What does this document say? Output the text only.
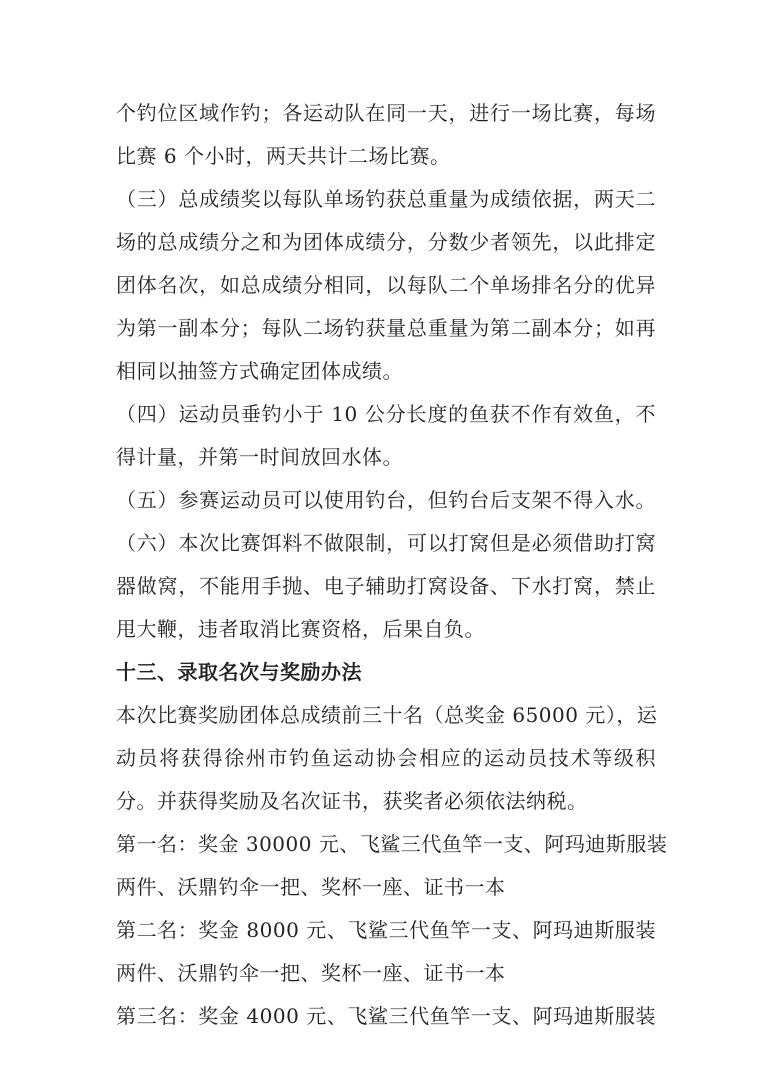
个钓位区域作钓；各运动队在同一天，进行一场比赛，每场
比赛 6 个小时，两天共计二场比赛。
（三）总成绩奖以每队单场钓获总重量为成绩依据，两天二
场的总成绩分之和为团体成绩分，分数少者领先，以此排定
团体名次，如总成绩分相同，以每队二个单场排名分的优异
为第一副本分；每队二场钓获量总重量为第二副本分；如再
相同以抽签方式确定团体成绩。
（四）运动员垂钓小于 10 公分长度的鱼获不作有效鱼，不
得计量，并第一时间放回水体。
（五）参赛运动员可以使用钓台，但钓台后支架不得入水。
（六）本次比赛饵料不做限制，可以打窝但是必须借助打窝
器做窝，不能用手抛、电子辅助打窝设备、下水打窝，禁止
甩大鞭，违者取消比赛资格，后果自负。
十三、录取名次与奖励办法
本次比赛奖励团体总成绩前三十名（总奖金 65000 元），运
动员将获得徐州市钓鱼运动协会相应的运动员技术等级积
分。并获得奖励及名次证书，获奖者必须依法纳税。
第一名：奖金 30000 元、飞鲨三代鱼竿一支、阿玛迪斯服装
两件、沃鼎钓伞一把、奖杯一座、证书一本
第二名：奖金 8000 元、飞鲨三代鱼竿一支、阿玛迪斯服装
两件、沃鼎钓伞一把、奖杯一座、证书一本
第三名：奖金 4000 元、飞鲨三代鱼竿一支、阿玛迪斯服装
